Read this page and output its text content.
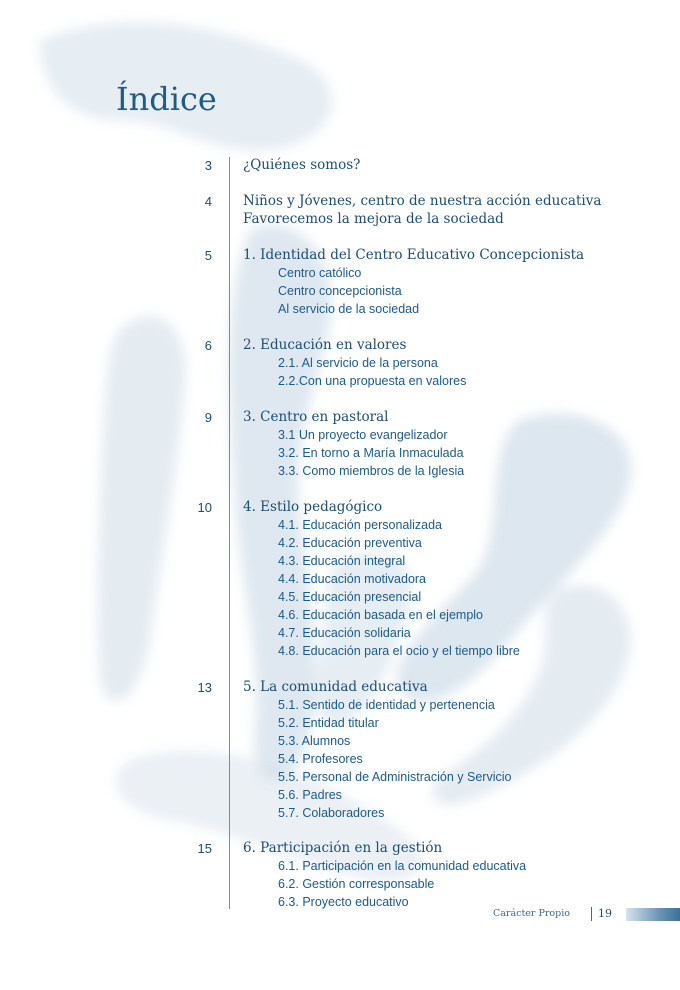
Índice
3 ¿Quiénes somos?
4 Niños y Jóvenes, centro de nuestra acción educativa
Favorecemos la mejora de la sociedad
5 1. Identidad del Centro Educativo Concepcionista
Centro católico
Centro concepcionista
Al servicio de la sociedad
6 2. Educación en valores
2.1. Al servicio de la persona
2.2.Con una propuesta en valores
9 3. Centro en pastoral
3.1 Un proyecto evangelizador
3.2. En torno a María Inmaculada
3.3. Como miembros de la Iglesia
10 4. Estilo pedagógico
4.1. Educación personalizada
4.2. Educación preventiva
4.3. Educación integral
4.4. Educación motivadora
4.5. Educación presencial
4.6. Educación basada en el ejemplo
4.7. Educación solidaria
4.8. Educación para el ocio y el tiempo libre
13 5. La comunidad educativa
5.1. Sentido de identidad y pertenencia
5.2. Entidad titular
5.3. Alumnos
5.4. Profesores
5.5. Personal de Administración y Servicio
5.6. Padres
5.7. Colaboradores
15 6. Participación en la gestión
6.1. Participación en la comunidad educativa
6.2. Gestión corresponsable
6.3. Proyecto educativo
Carácter Propio	19
